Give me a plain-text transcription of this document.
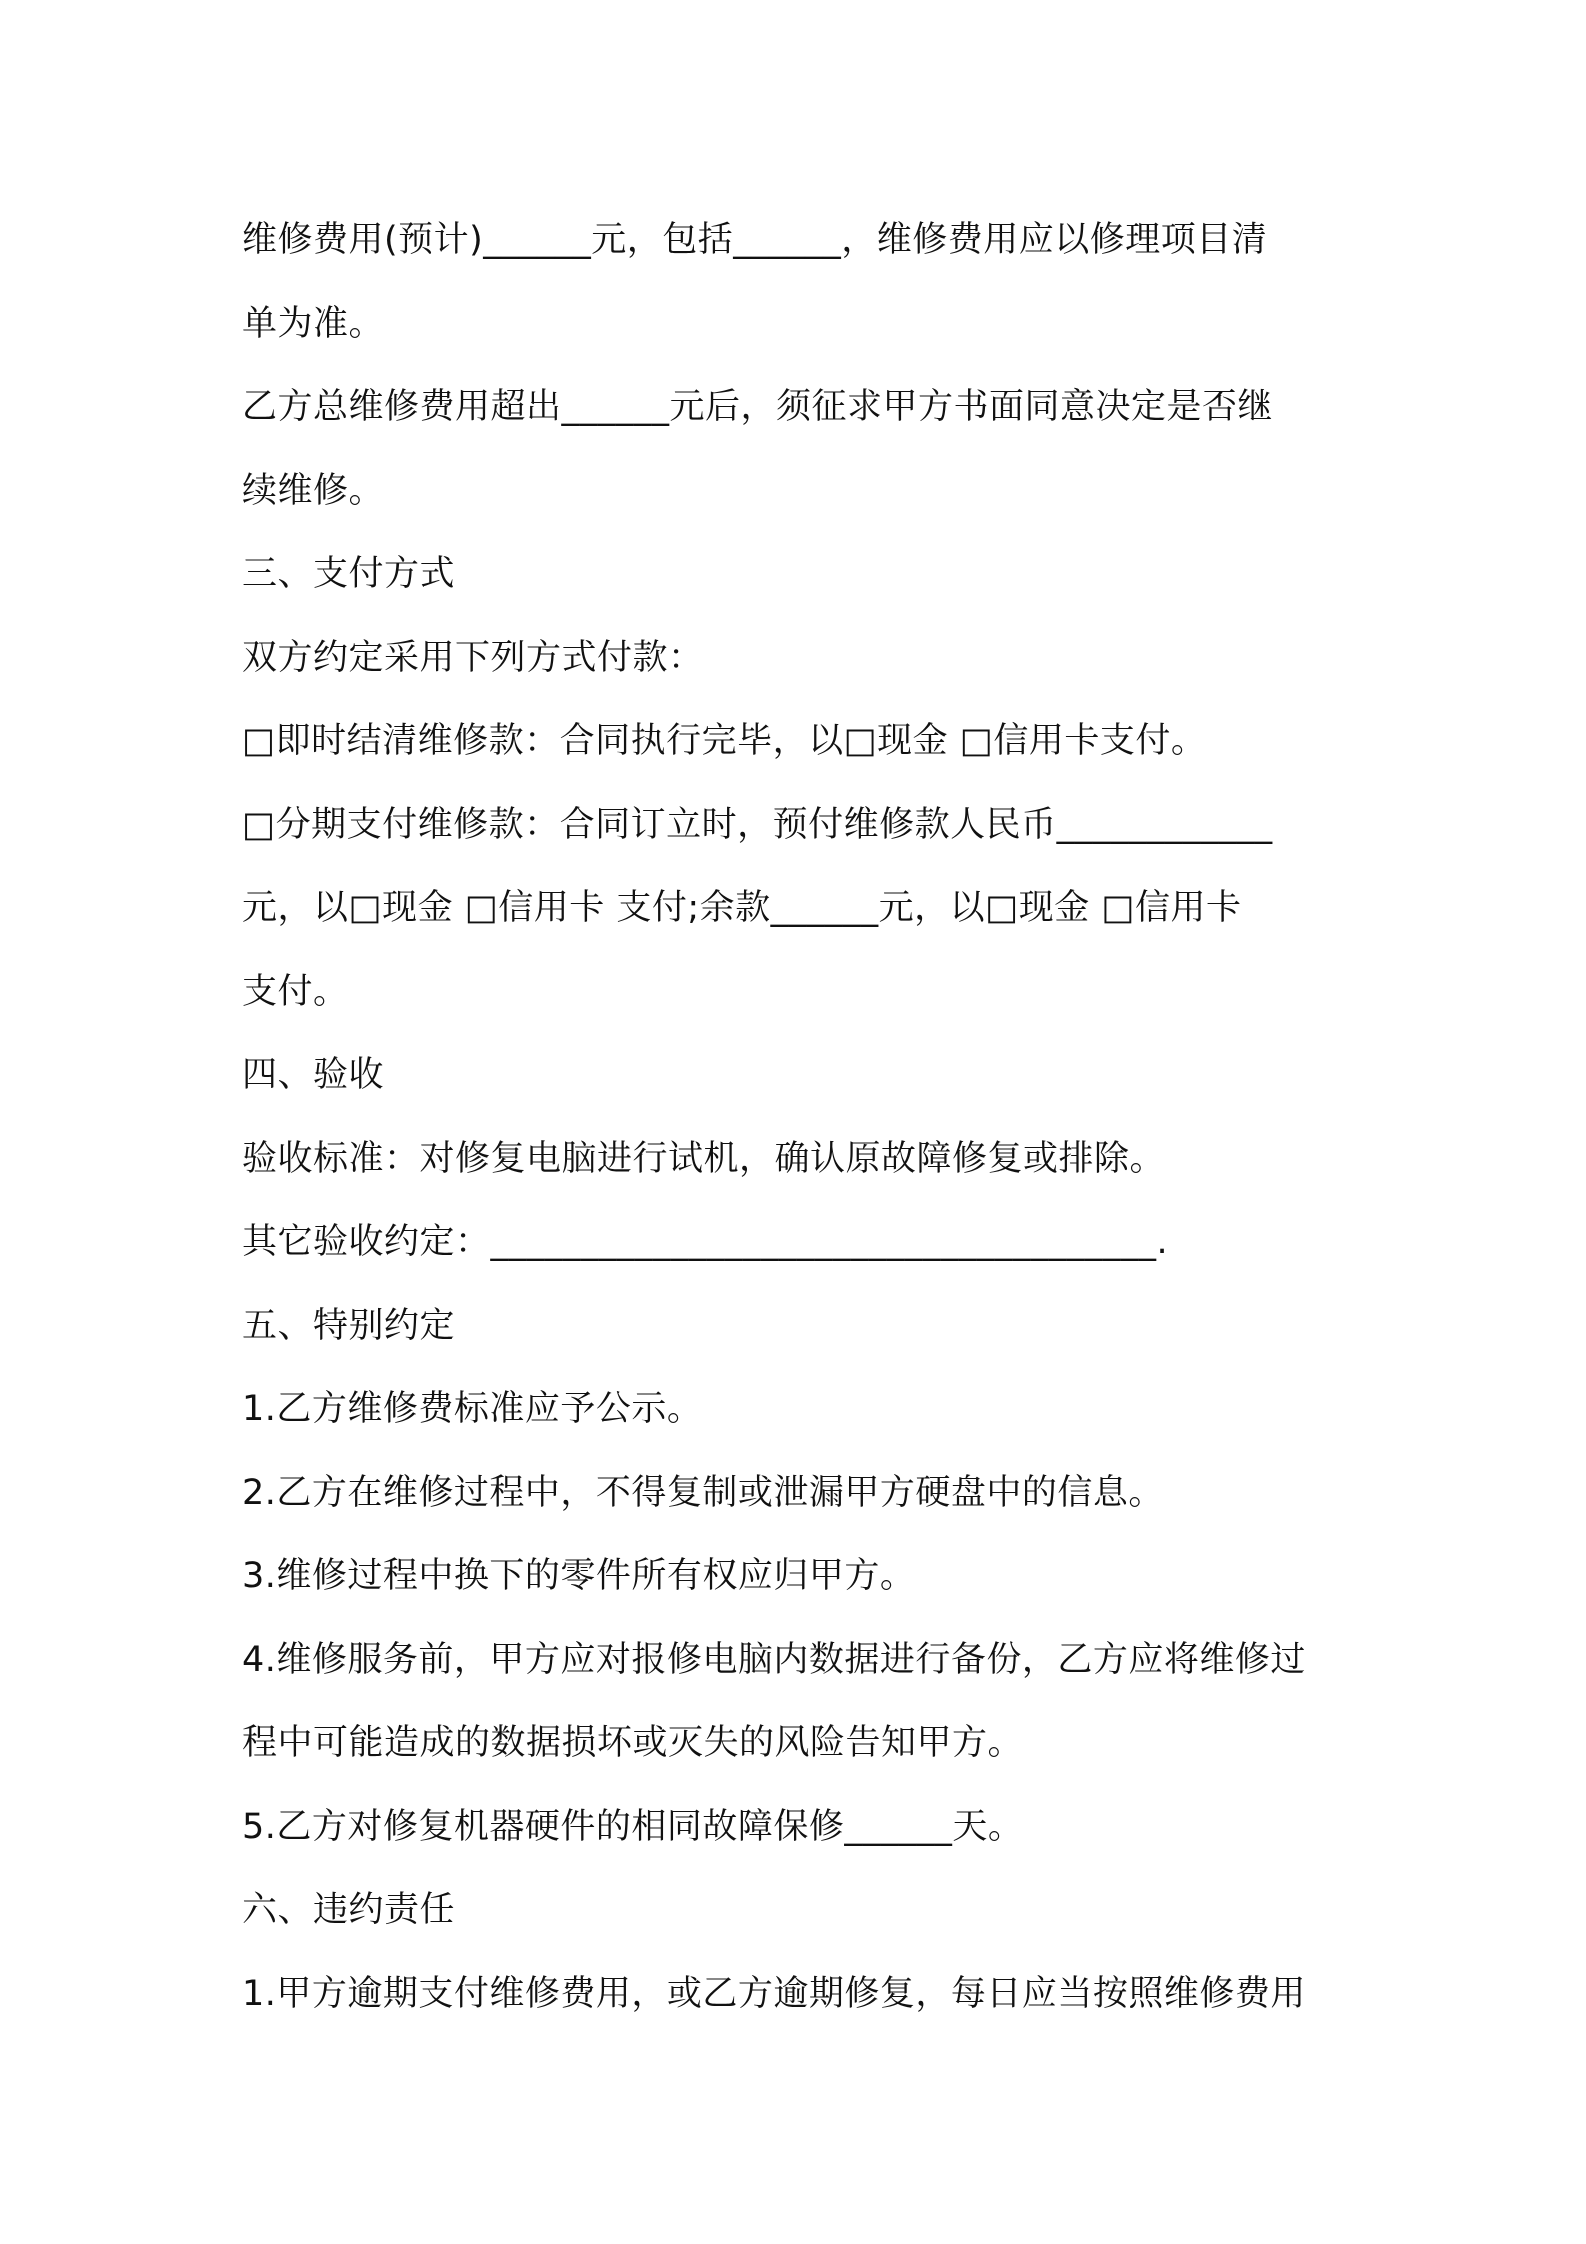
维修费用(预计)______元，包括______，维修费用应以修理项目清
单为准。
乙方总维修费用超出______元后，须征求甲方书面同意决定是否继
续维修。
三、支付方式
双方约定采用下列方式付款：
□即时结清维修款：合同执行完毕，以□现金 □信用卡支付。
□分期支付维修款：合同订立时，预付维修款人民币____________
元，以□现金 □信用卡 支付;余款______元，以□现金 □信用卡
支付。
四、验收
验收标准：对修复电脑进行试机，确认原故障修复或排除。
其它验收约定：_____________________________________.
五、特别约定
1.乙方维修费标准应予公示。
2.乙方在维修过程中，不得复制或泄漏甲方硬盘中的信息。
3.维修过程中换下的零件所有权应归甲方。
4.维修服务前，甲方应对报修电脑内数据进行备份，乙方应将维修过
程中可能造成的数据损坏或灭失的风险告知甲方。
5.乙方对修复机器硬件的相同故障保修______天。
六、违约责任
1.甲方逾期支付维修费用，或乙方逾期修复，每日应当按照维修费用
